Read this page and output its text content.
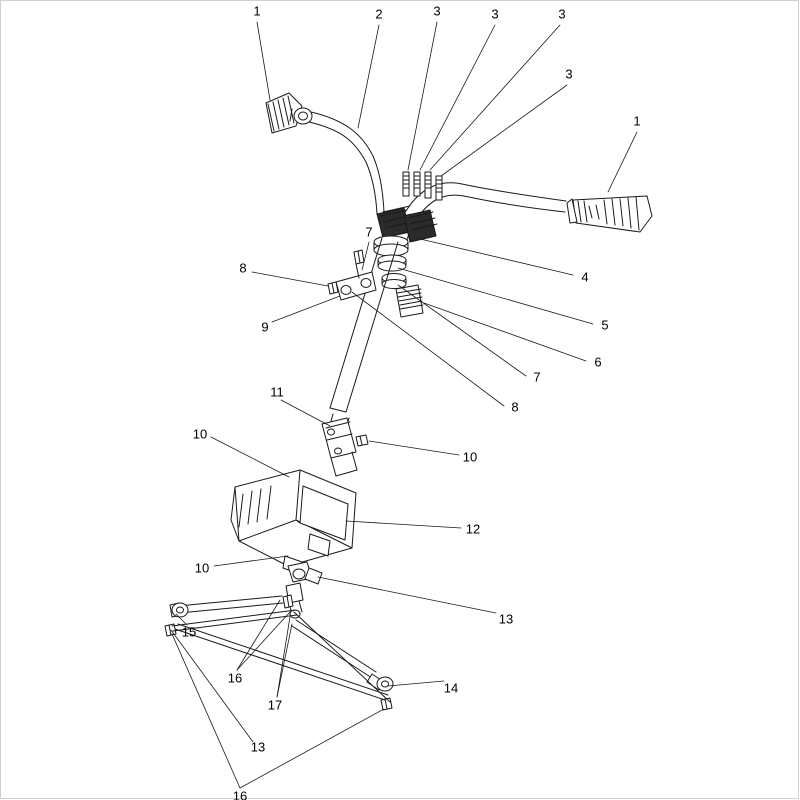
1	2	3	3	3
3
1
4
5
6
7
7
8
8
9
10
10
10
11
12
13
13
14
15
16
16
17
